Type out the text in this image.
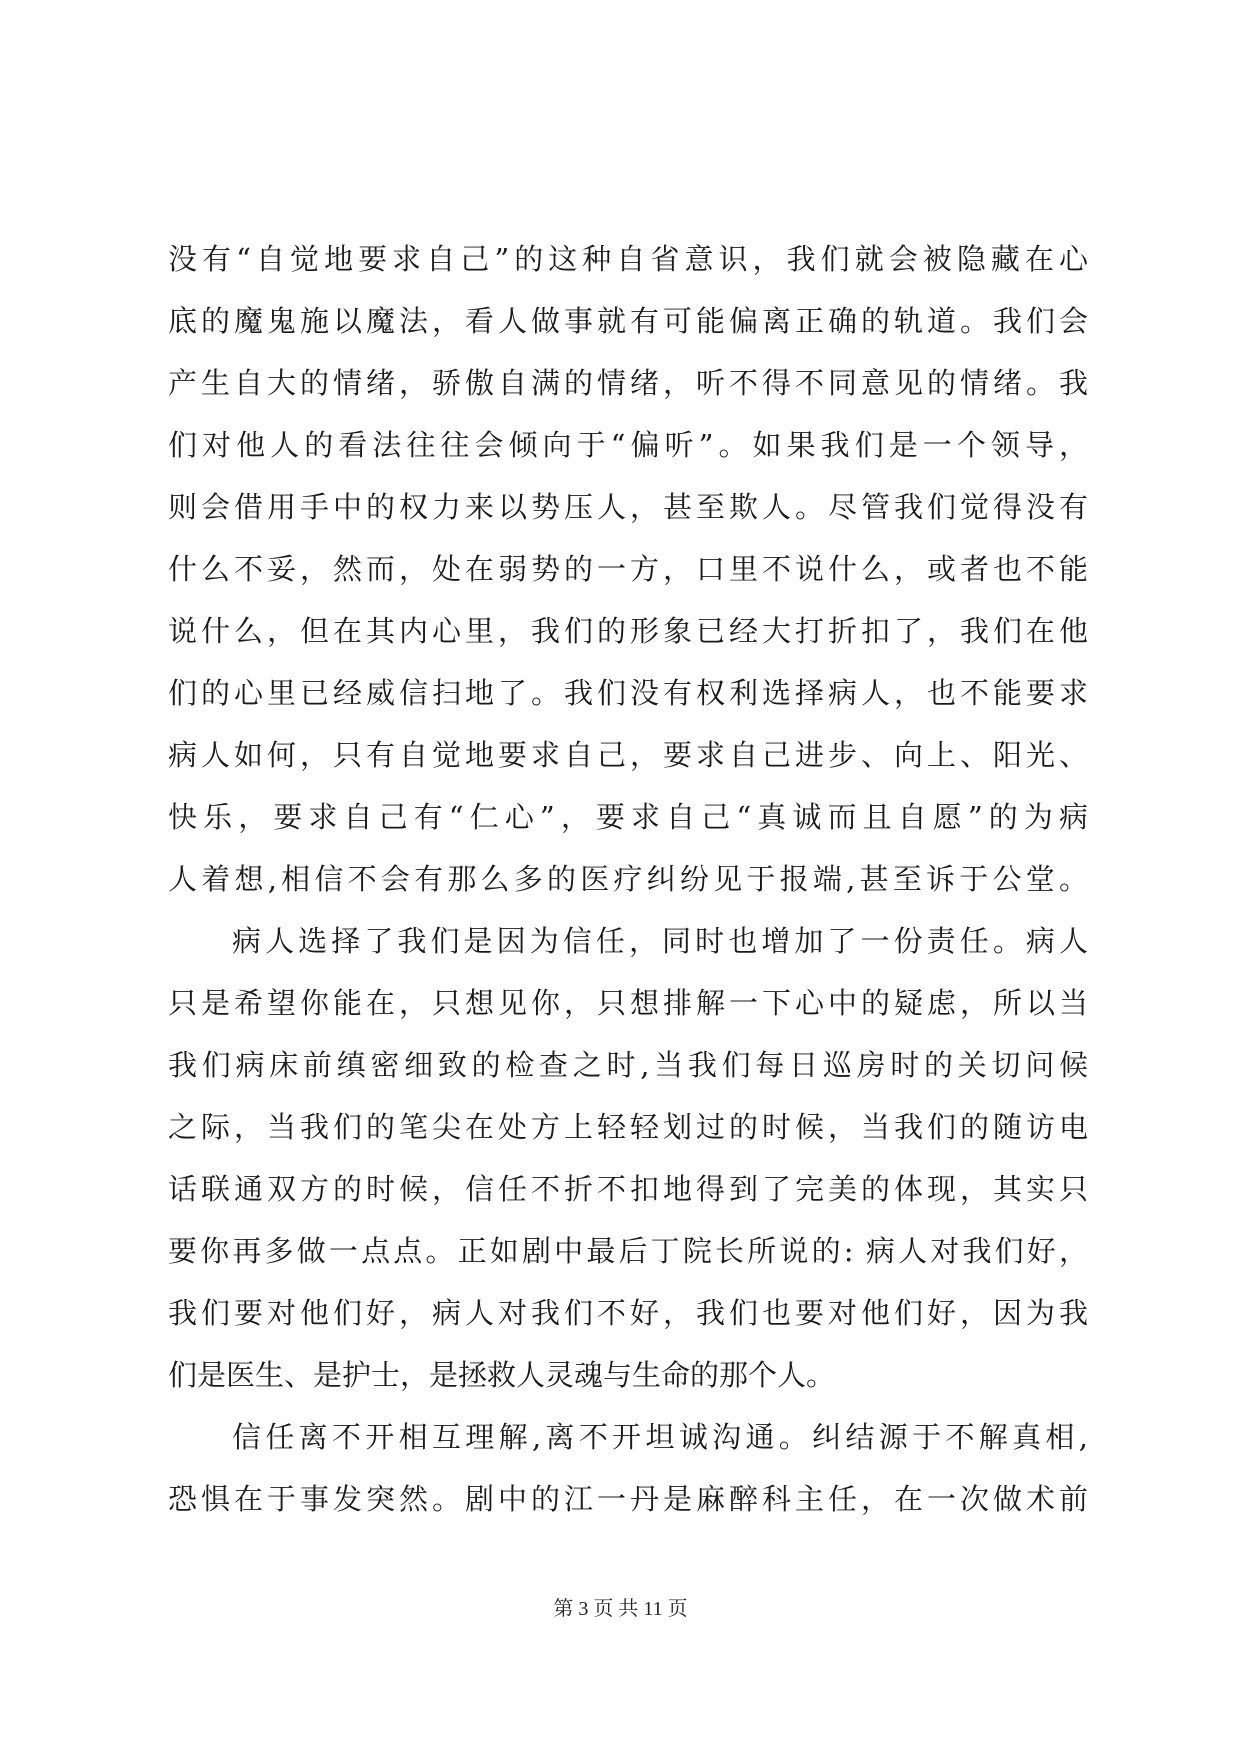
没有“自觉地要求自己”的这种自省意识，我们就会被隐藏在心
底的魔鬼施以魔法，看人做事就有可能偏离正确的轨道。我们会
产生自大的情绪，骄傲自满的情绪，听不得不同意见的情绪。我
们对他人的看法往往会倾向于“偏听”。如果我们是一个领导，
则会借用手中的权力来以势压人，甚至欺人。尽管我们觉得没有
什么不妥，然而，处在弱势的一方，口里不说什么，或者也不能
说什么，但在其内心里，我们的形象已经大打折扣了，我们在他
们的心里已经威信扫地了。我们没有权利选择病人，也不能要求
病人如何，只有自觉地要求自己，要求自己进步、向上、阳光、
快乐，要求自己有“仁心”，要求自己“真诚而且自愿”的为病
人着想,相信不会有那么多的医疗纠纷见于报端,甚至诉于公堂。
病人选择了我们是因为信任，同时也增加了一份责任。病人
只是希望你能在，只想见你，只想排解一下心中的疑虑，所以当
我们病床前缜密细致的检查之时,当我们每日巡房时的关切问候
之际，当我们的笔尖在处方上轻轻划过的时候，当我们的随访电
话联通双方的时候，信任不折不扣地得到了完美的体现，其实只
要你再多做一点点。正如剧中最后丁院长所说的: 病人对我们好，
我们要对他们好，病人对我们不好，我们也要对他们好，因为我
们是医生、是护士，是拯救人灵魂与生命的那个人。
信任离不开相互理解,离不开坦诚沟通。纠结源于不解真相,
恐惧在于事发突然。剧中的江一丹是麻醉科主任，在一次做术前
第 3 页 共 11 页
